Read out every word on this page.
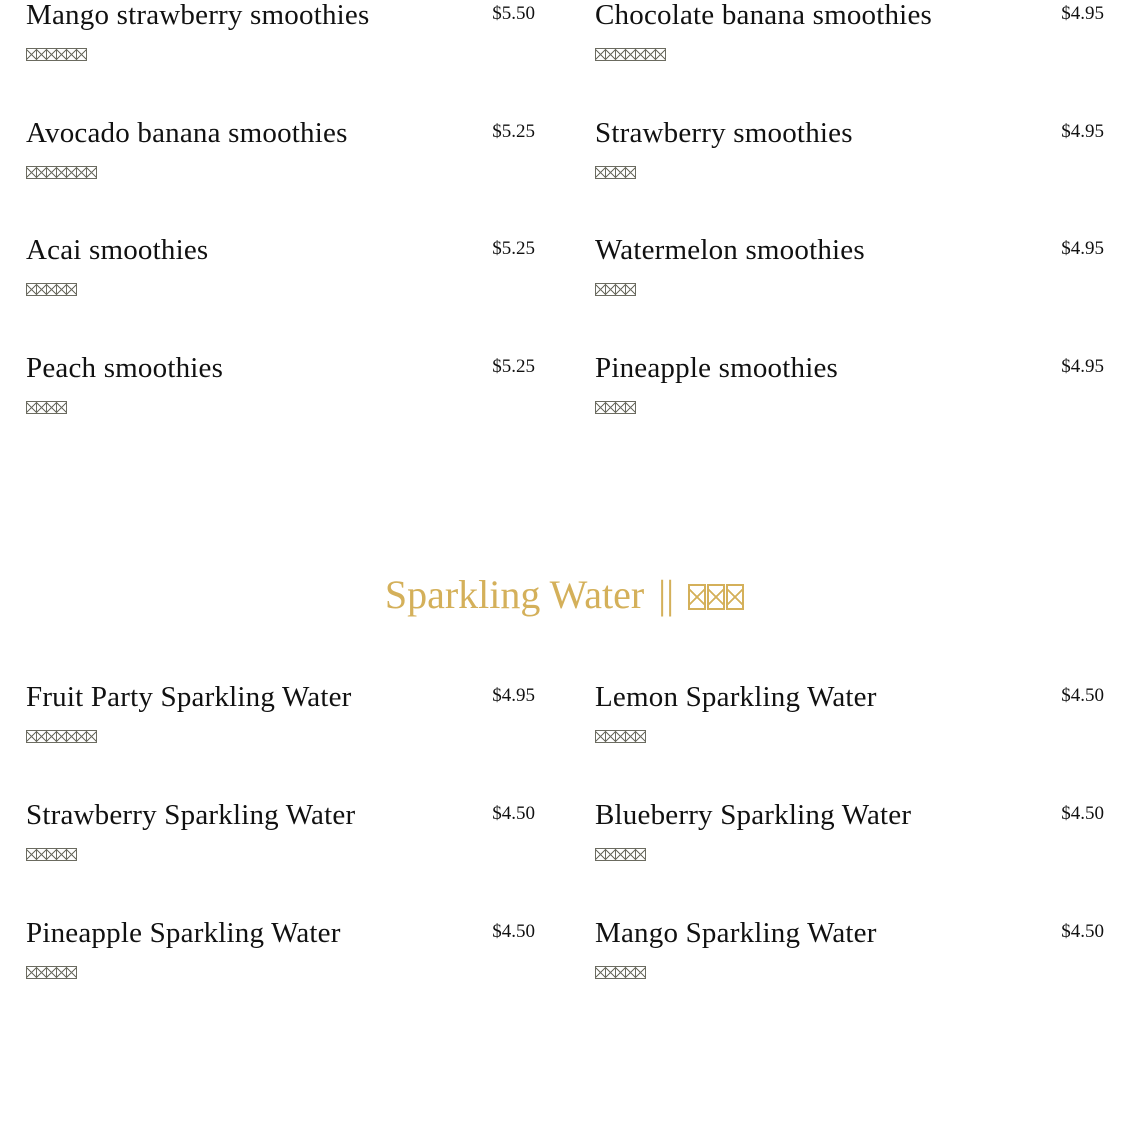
Mango strawberry smoothies	$5.50 Chocolate banana smoothies	$4.95
Avocado banana smoothies	$5.25 Strawberry smoothies	$4.95
Acai smoothies	$5.25 Watermelon smoothies	$4.95
Peach smoothies	$5.25 Pineapple smoothies	$4.95
Sparkling Water ||
Fruit Party Sparkling Water	$4.95 Lemon Sparkling Water	$4.50
Strawberry Sparkling Water	$4.50 Blueberry Sparkling Water	$4.50
Pineapple Sparkling Water	$4.50 Mango Sparkling Water	$4.50
